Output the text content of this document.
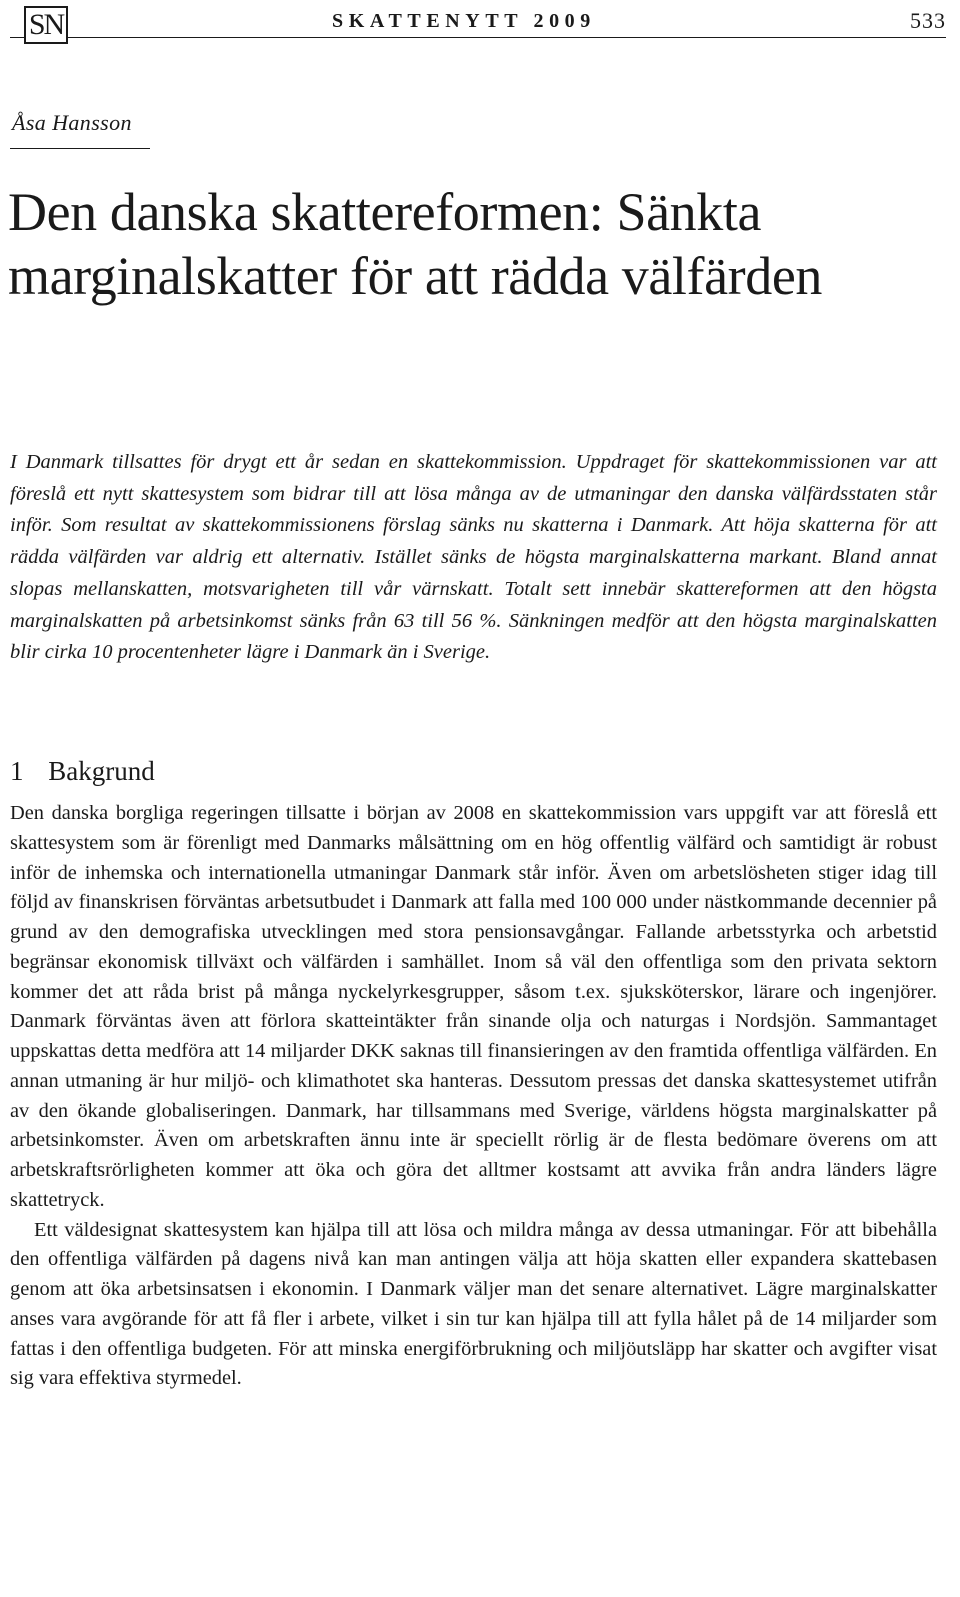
SN	SKATTENYTT 2009	533
Åsa Hansson
Den danska skattereformen: Sänkta marginalskatter för att rädda välfärden

I Danmark tillsattes för drygt ett år sedan en skattekommission. Uppdraget för skattekommissionen var att föreslå ett nytt skattesystem som bidrar till att lösa många av de utmaningar den danska välfärdsstaten står inför. Som resultat av skattekommissionens förslag sänks nu skatterna i Danmark. Att höja skatterna för att rädda välfärden var aldrig ett alternativ. Istället sänks de högsta marginalskatterna markant. Bland annat slopas mellanskatten, motsvarigheten till vår värnskatt. Totalt sett innebär skattereformen att den högsta marginalskatten på arbetsinkomst sänks från 63 till 56 %. Sänkningen medför att den högsta marginalskatten blir cirka 10 procentenheter lägre i Danmark än i Sverige.

1 Bakgrund

Den danska borgliga regeringen tillsatte i början av 2008 en skattekommission vars uppgift var att föreslå ett skattesystem som är förenligt med Danmarks målsättning om en hög offentlig välfärd och samtidigt är robust inför de inhemska och internationella utmaningar Danmark står inför. Även om arbetslösheten stiger idag till följd av finanskrisen förväntas arbetsutbudet i Danmark att falla med 100 000 under nästkommande decennier på grund av den demografiska utvecklingen med stora pensionsavgångar. Fallande arbetsstyrka och arbetstid begränsar ekonomisk tillväxt och välfärden i samhället. Inom så väl den offentliga som den privata sektorn kommer det att råda brist på många nyckelyrkesgrupper, såsom t.ex. sjuksköterskor, lärare och ingenjörer. Danmark förväntas även att förlora skatteintäkter från sinande olja och naturgas i Nordsjön. Sammantaget uppskattas detta medföra att 14 miljarder DKK saknas till finansieringen av den framtida offentliga välfärden. En annan utmaning är hur miljö- och klimathotet ska hanteras. Dessutom pressas det danska skattesystemet utifrån av den ökande globaliseringen. Danmark, har tillsammans med Sverige, världens högsta marginalskatter på arbetsinkomster. Även om arbetskraften ännu inte är speciellt rörlig är de flesta bedömare överens om att arbetskraftsrörligheten kommer att öka och göra det alltmer kostsamt att avvika från andra länders lägre skattetryck.

Ett väldesignat skattesystem kan hjälpa till att lösa och mildra många av dessa utmaningar. För att bibehålla den offentliga välfärden på dagens nivå kan man antingen välja att höja skatten eller expandera skattebasen genom att öka arbetsinsatsen i ekonomin. I Danmark väljer man det senare alternativet. Lägre marginalskatter anses vara avgörande för att få fler i arbete, vilket i sin tur kan hjälpa till att fylla hålet på de 14 miljarder som fattas i den offentliga budgeten. För att minska energiförbrukning och miljöutsläpp har skatter och avgifter visat sig vara effektiva styrmedel.
